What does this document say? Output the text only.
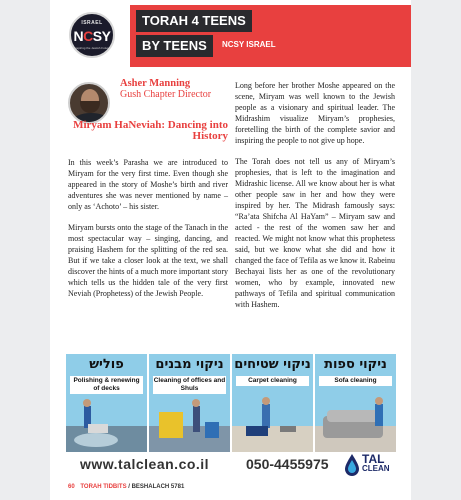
ISRAEL
NCSY
Inspiring the Jewish Future
TORAH 4 TEENS
BY TEENS	NCSY ISRAEL
Asher Manning
Gush Chapter Director
Miryam HaNeviah: Dancing into History

In this week’s Parasha we are introduced to Miryam for the very first time. Even though she appeared in the story of Moshe’s birth and river adventures she was never mentioned by name – only as ‘Achoto’ – his sister.

Miryam bursts onto the stage of the Tanach in the most spectacular way – singing, dancing, and praising Hashem for the splitting of the red sea. But if we take a closer look at the text, we shall discover the hints of a much more important story which tells us the hidden tale of the very first Neviah (Prophetess) of the Jewish People.

Long before her brother Moshe appeared on the scene, Miryam was well known to the Jewish people as a visionary and spiritual leader. The Midrashim visualize Miryam’s prophesies, foretelling the birth of the complete savior and inspiring the people to not give up hope.

The Torah does not tell us any of Miryam’s prophesies, that is left to the imagination and Midrashic license. All we know about her is what other people saw in her and how they were inspired by her. The Midrash famously says: “Ra’ata Shifcha Al HaYam” – Miryam saw and acted - the rest of the women saw her and reacted. We might not know what this prophetess said, but we know what she did and how it changed the face of Tefila as we know it. Rabeinu Bechayai lists her as one of the revolutionary women, who by example, innovated new pathways of Tefila and spiritual communication with Hashem.

פוליש
Polishing & renewing of decks
ניקוי מבנים
Cleaning of offices and Shuls
ניקוי שטיחים
Carpet cleaning
ניקוי ספות
Sofa cleaning
www.talclean.co.il	050-4455975	TAL
CLEAN
60 TORAH TIDBITS / BESHALACH 5781
